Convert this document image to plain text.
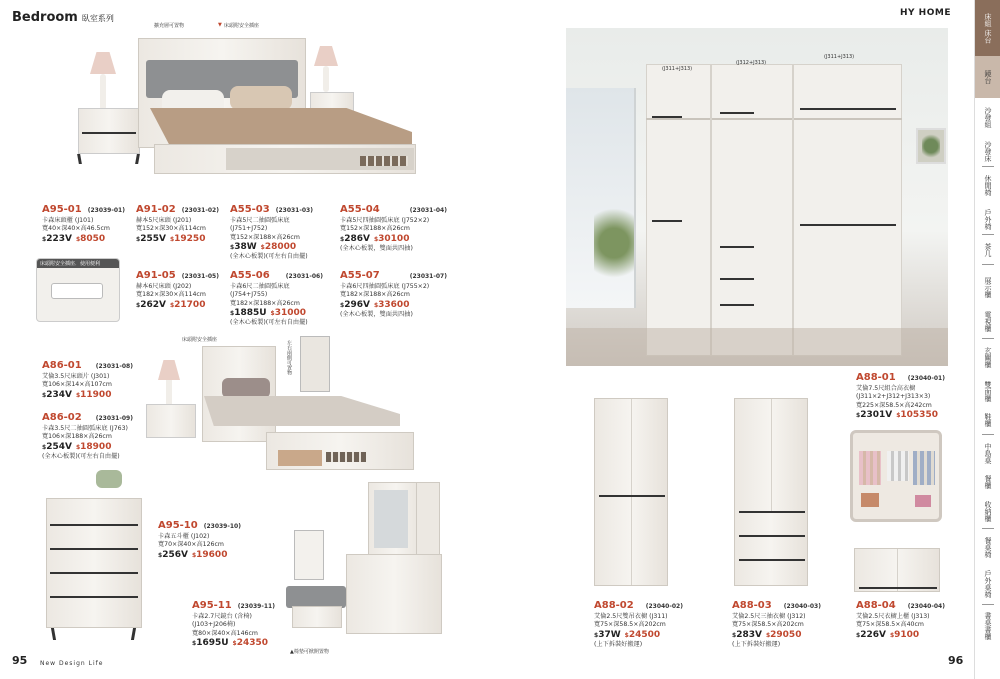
Bedroom 臥室系列
HY HOME
擴充層可置物	▼ 床頭附安全插座
床頭附安全插座．使用便利
床頭附安全插座	左右兩側可置物
▲椅墊可掀開置物
A95-01 (23039-01)
卡森床頭櫃 (J101)
寬40×深40×高46.5cm
$223V $8050
A91-02 (23031-02)
赫本5尺床頭 (J201)
寬152×深30×高114cm
$255V $19250
A55-03 (23031-03)
卡森5尺二抽圓弧床底
(J751+J752)
寬152×深188×高26cm
$38W $28000
(全木心板製)(可左右自由擺)
A55-04	(23031-04)
卡森5尺四抽圓弧床底 (J752×2)
寬152×深188×高26cm
$286V $30100
(全木心板製，雙面共四抽)
A91-05 (23031-05)
赫本6尺床頭 (J202)
寬182×深30×高114cm
$262V $21700
A55-06	(23031-06)
卡森6尺二抽圓弧床底
(J754+J755)
寬182×深188×高26cm
$1885U $31000
(全木心板製)(可左右自由擺)
A55-07	(23031-07)
卡森6尺四抽圓弧床底 (J755×2)
寬182×深188×高26cm
$296V $33600
(全木心板製，雙面共四抽)
A86-01 (23031-08)
艾倫3.5尺床頭片 (J301)
寬106×深14×高107cm
$234V $11900
A86-02 (23031-09)
卡森3.5尺二抽圓弧床底 (J763)
寬106×深188×高26cm
$254V $18900
(全木心板製)(可左右自由擺)
A95-10 (23039-10)
卡森五斗櫃 (J102)
寬70×深40×高126cm
$256V $19600
A95-11 (23039-11)
卡森2.7尺鏡台 (含椅)
(J103+J206椅)
寬80×深40×高146cm
$1695U $24350
(J311+J313)
(J312+J313)
(J311+J313)
A88-01 (23040-01)
艾倫7.5尺組合高衣櫥
(J311×2+J312+J313×3)
寬225×深58.5×高242cm
$2301V $105350
A88-02 (23040-02)
艾倫2.5尺雙吊衣櫥 (J311)
寬75×深58.5×高202cm
$37W $24500
(上下拆裝好搬運)
A88-03 (23040-03)
艾倫2.5尺三抽衣櫥 (J312)
寬75×深58.5×高202cm
$283V $29050
(上下拆裝好搬運)
A88-04 (23040-04)
艾倫2.5尺衣櫥上櫃 (J313)
寬75×深58.5×高40cm
$226V $9100
95 New Design Life	96
床組 床台
鏡台
沙發組
沙發床
休閒椅
戶外椅
茶几
展示櫃
電視櫃
玄關櫃
雙面櫃
鞋櫃
中島桌
餐櫃
收納櫃
餐桌椅
戶外桌椅
書桌書櫃
